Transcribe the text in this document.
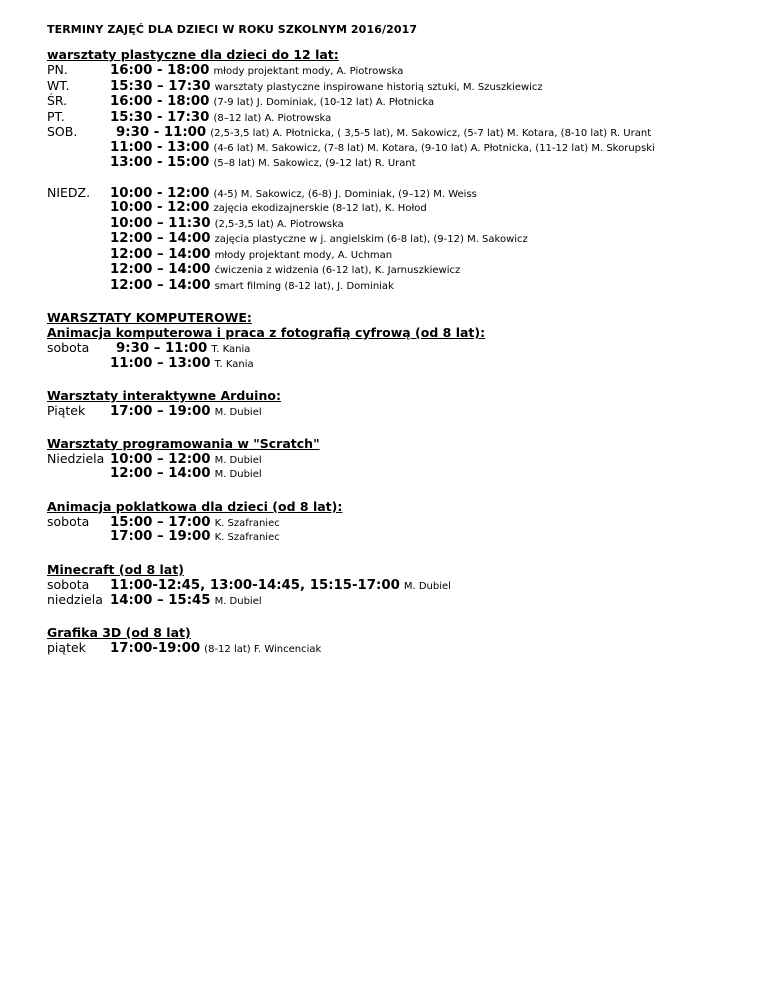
TERMINY ZAJĘĆ DLA DZIECI W ROKU SZKOLNYM 2016/2017
warsztaty plastyczne dla dzieci do 12 lat:
PN.	16:00 - 18:00 młody projektant mody, A. Piotrowska
WT.	15:30 – 17:30 warsztaty plastyczne inspirowane historią sztuki, M. Szuszkiewicz
ŚR.	16:00 - 18:00 (7-9 lat) J. Dominiak, (10-12 lat) A. Płotnicka
PT.	15:30 - 17:30 (8–12 lat) A. Piotrowska
SOB.	9:30 - 11:00 (2,5-3,5 lat) A. Płotnicka, ( 3,5-5 lat), M. Sakowicz, (5-7 lat) M. Kotara, (8-10 lat) R. Urant
11:00 - 13:00 (4-6 lat) M. Sakowicz, (7-8 lat) M. Kotara, (9-10 lat) A. Płotnicka, (11-12 lat) M. Skorupski
13:00 - 15:00 (5–8 lat) M. Sakowicz, (9-12 lat) R. Urant
NIEDZ.	10:00 - 12:00 (4-5) M. Sakowicz, (6-8) J. Dominiak, (9–12) M. Weiss
10:00 - 12:00 zajęcia ekodizajnerskie (8-12 lat), K. Hołod
10:00 – 11:30 (2,5-3,5 lat) A. Piotrowska
12:00 – 14:00 zajęcia plastyczne w j. angielskim (6-8 lat), (9-12) M. Sakowicz
12:00 – 14:00 młody projektant mody, A. Uchman
12:00 – 14:00 ćwiczenia z widzenia (6-12 lat), K. Jarnuszkiewicz
12:00 – 14:00 smart filming (8-12 lat), J. Dominiak
WARSZTATY KOMPUTEROWE:
Animacja komputerowa i praca z fotografią cyfrową (od 8 lat):
sobota	9:30 – 11:00 T. Kania
11:00 – 13:00 T. Kania
Warsztaty interaktywne Arduino:
Piątek	17:00 – 19:00 M. Dubiel
Warsztaty programowania w "Scratch"
Niedziela 10:00 – 12:00 M. Dubiel
12:00 – 14:00 M. Dubiel
Animacja poklatkowa dla dzieci (od 8 lat):
sobota	15:00 – 17:00 K. Szafraniec
17:00 – 19:00 K. Szafraniec
Minecraft (od 8 lat)
sobota	11:00-12:45, 13:00-14:45, 15:15-17:00 M. Dubiel
niedziela 14:00 – 15:45 M. Dubiel
Grafika 3D (od 8 lat)
piątek	17:00-19:00 (8-12 lat) F. Wincenciak
